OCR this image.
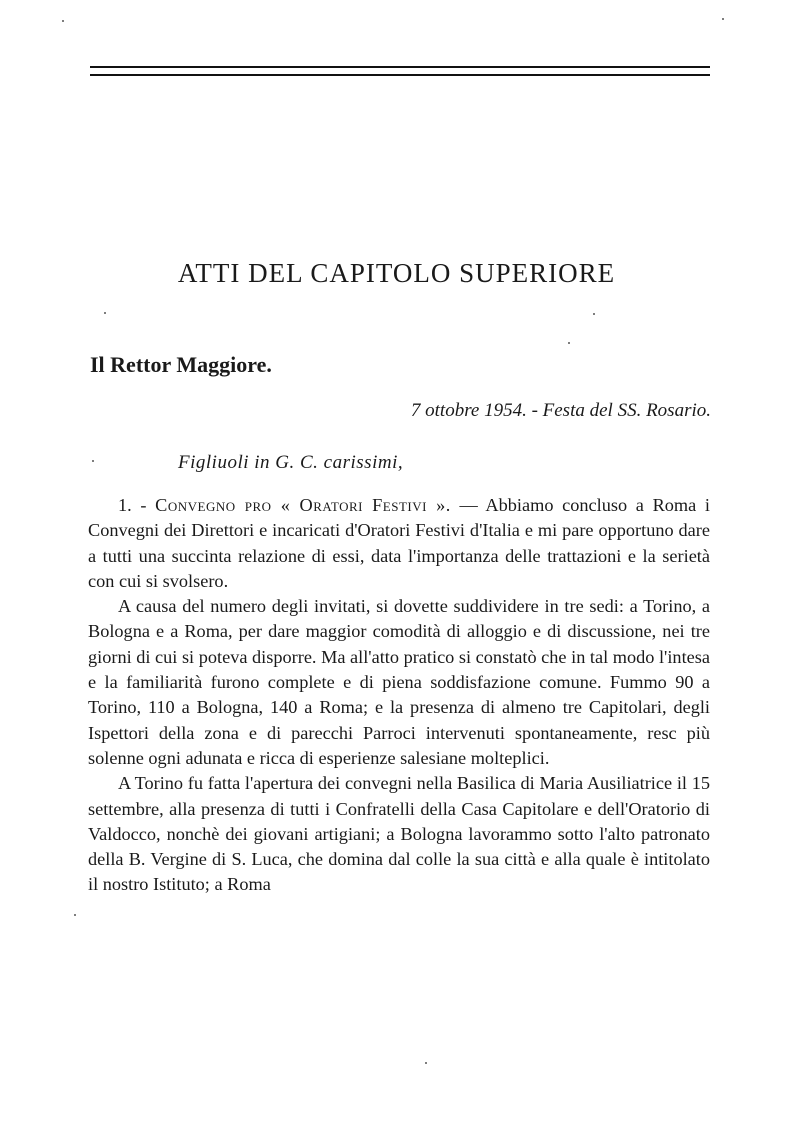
ATTI DEL CAPITOLO SUPERIORE
Il Rettor Maggiore.
7 ottobre 1954. - Festa del SS. Rosario.
Figliuoli in G. C. carissimi,

1. - Convegno pro « Oratori Festivi ». — Abbiamo concluso a Roma i Convegni dei Direttori e incaricati d'Oratori Festivi d'Italia e mi pare opportuno dare a tutti una succinta relazione di essi, data l'importanza delle trattazioni e la serietà con cui si svolsero.

A causa del numero degli invitati, si dovette suddividere in tre sedi: a Torino, a Bologna e a Roma, per dare maggior comodità di alloggio e di discussione, nei tre giorni di cui si poteva disporre. Ma all'atto pratico si constatò che in tal modo l'intesa e la familiarità furono complete e di piena soddisfazione comune. Fummo 90 a Torino, 110 a Bologna, 140 a Roma; e la presenza di almeno tre Capitolari, degli Ispettori della zona e di parecchi Parroci intervenuti spontaneamente, resc più solenne ogni adunata e ricca di esperienze salesiane molteplici.

A Torino fu fatta l'apertura dei convegni nella Basilica di Maria Ausiliatrice il 15 settembre, alla presenza di tutti i Confratelli della Casa Capitolare e dell'Oratorio di Valdocco, nonchè dei giovani artigiani; a Bologna lavorammo sotto l'alto patronato della B. Vergine di S. Luca, che domina dal colle la sua città e alla quale è intitolato il nostro Istituto; a Roma
